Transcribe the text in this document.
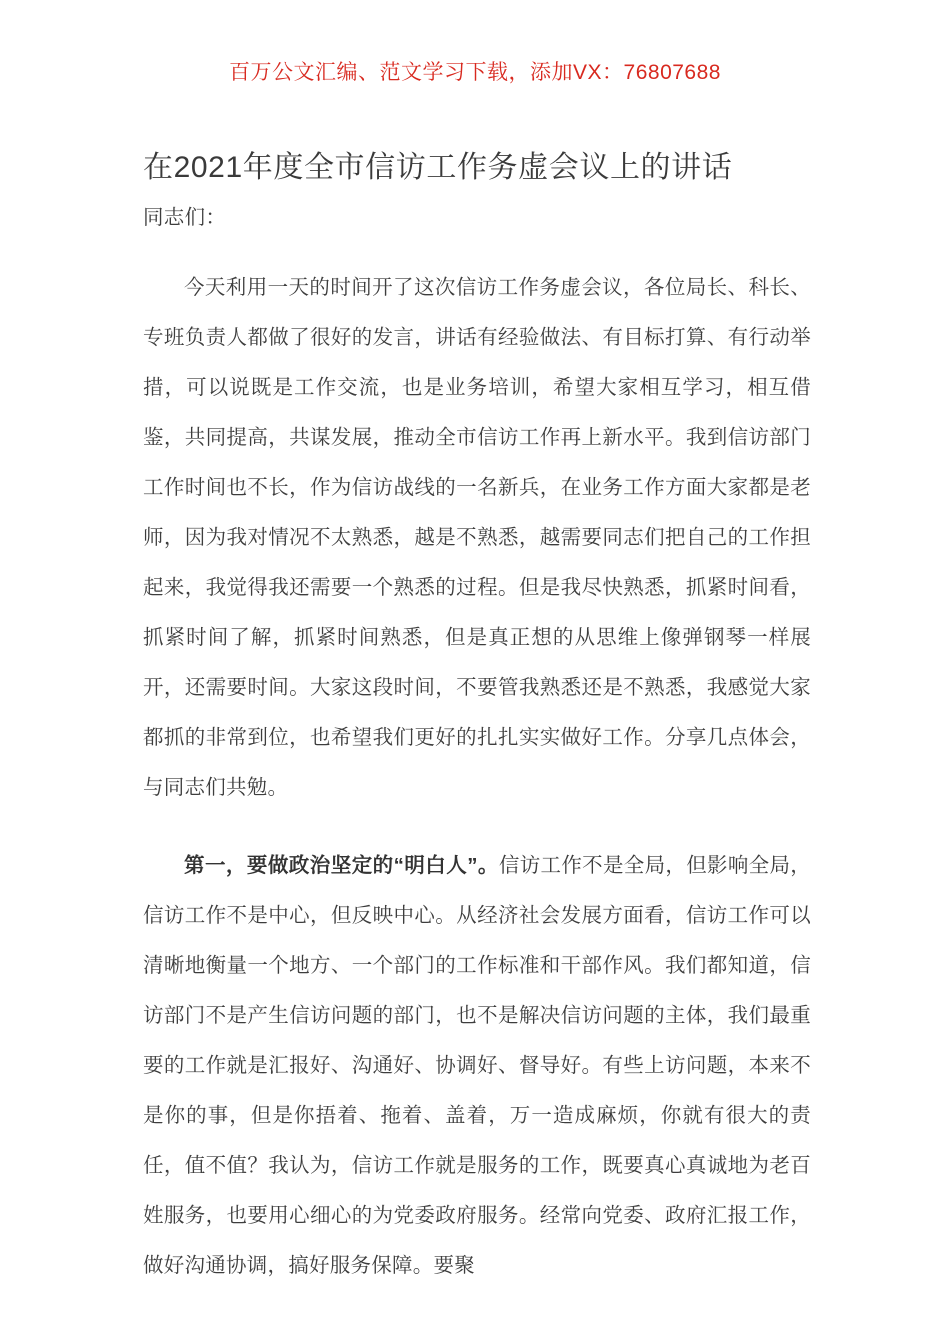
百万公文汇编、范文学习下载，添加VX：76807688
在2021年度全市信访工作务虚会议上的讲话

同志们：

今天利用一天的时间开了这次信访工作务虚会议，各位局长、科长、专班负责人都做了很好的发言，讲话有经验做法、有目标打算、有行动举措，可以说既是工作交流，也是业务培训，希望大家相互学习，相互借鉴，共同提高，共谋发展，推动全市信访工作再上新水平。我到信访部门工作时间也不长，作为信访战线的一名新兵，在业务工作方面大家都是老师，因为我对情况不太熟悉，越是不熟悉，越需要同志们把自己的工作担起来，我觉得我还需要一个熟悉的过程。但是我尽快熟悉，抓紧时间看，抓紧时间了解，抓紧时间熟悉，但是真正想的从思维上像弹钢琴一样展开，还需要时间。大家这段时间，不要管我熟悉还是不熟悉，我感觉大家都抓的非常到位，也希望我们更好的扎扎实实做好工作。分享几点体会，与同志们共勉。

第一，要做政治坚定的“明白人”。信访工作不是全局，但影响全局，信访工作不是中心，但反映中心。从经济社会发展方面看，信访工作可以清晰地衡量一个地方、一个部门的工作标准和干部作风。我们都知道，信访部门不是产生信访问题的部门，也不是解决信访问题的主体，我们最重要的工作就是汇报好、沟通好、协调好、督导好。有些上访问题，本来不是你的事，但是你捂着、拖着、盖着，万一造成麻烦，你就有很大的责任，值不值？我认为，信访工作就是服务的工作，既要真心真诚地为老百姓服务，也要用心细心的为党委政府服务。经常向党委、政府汇报工作，做好沟通协调，搞好服务保障。要聚
